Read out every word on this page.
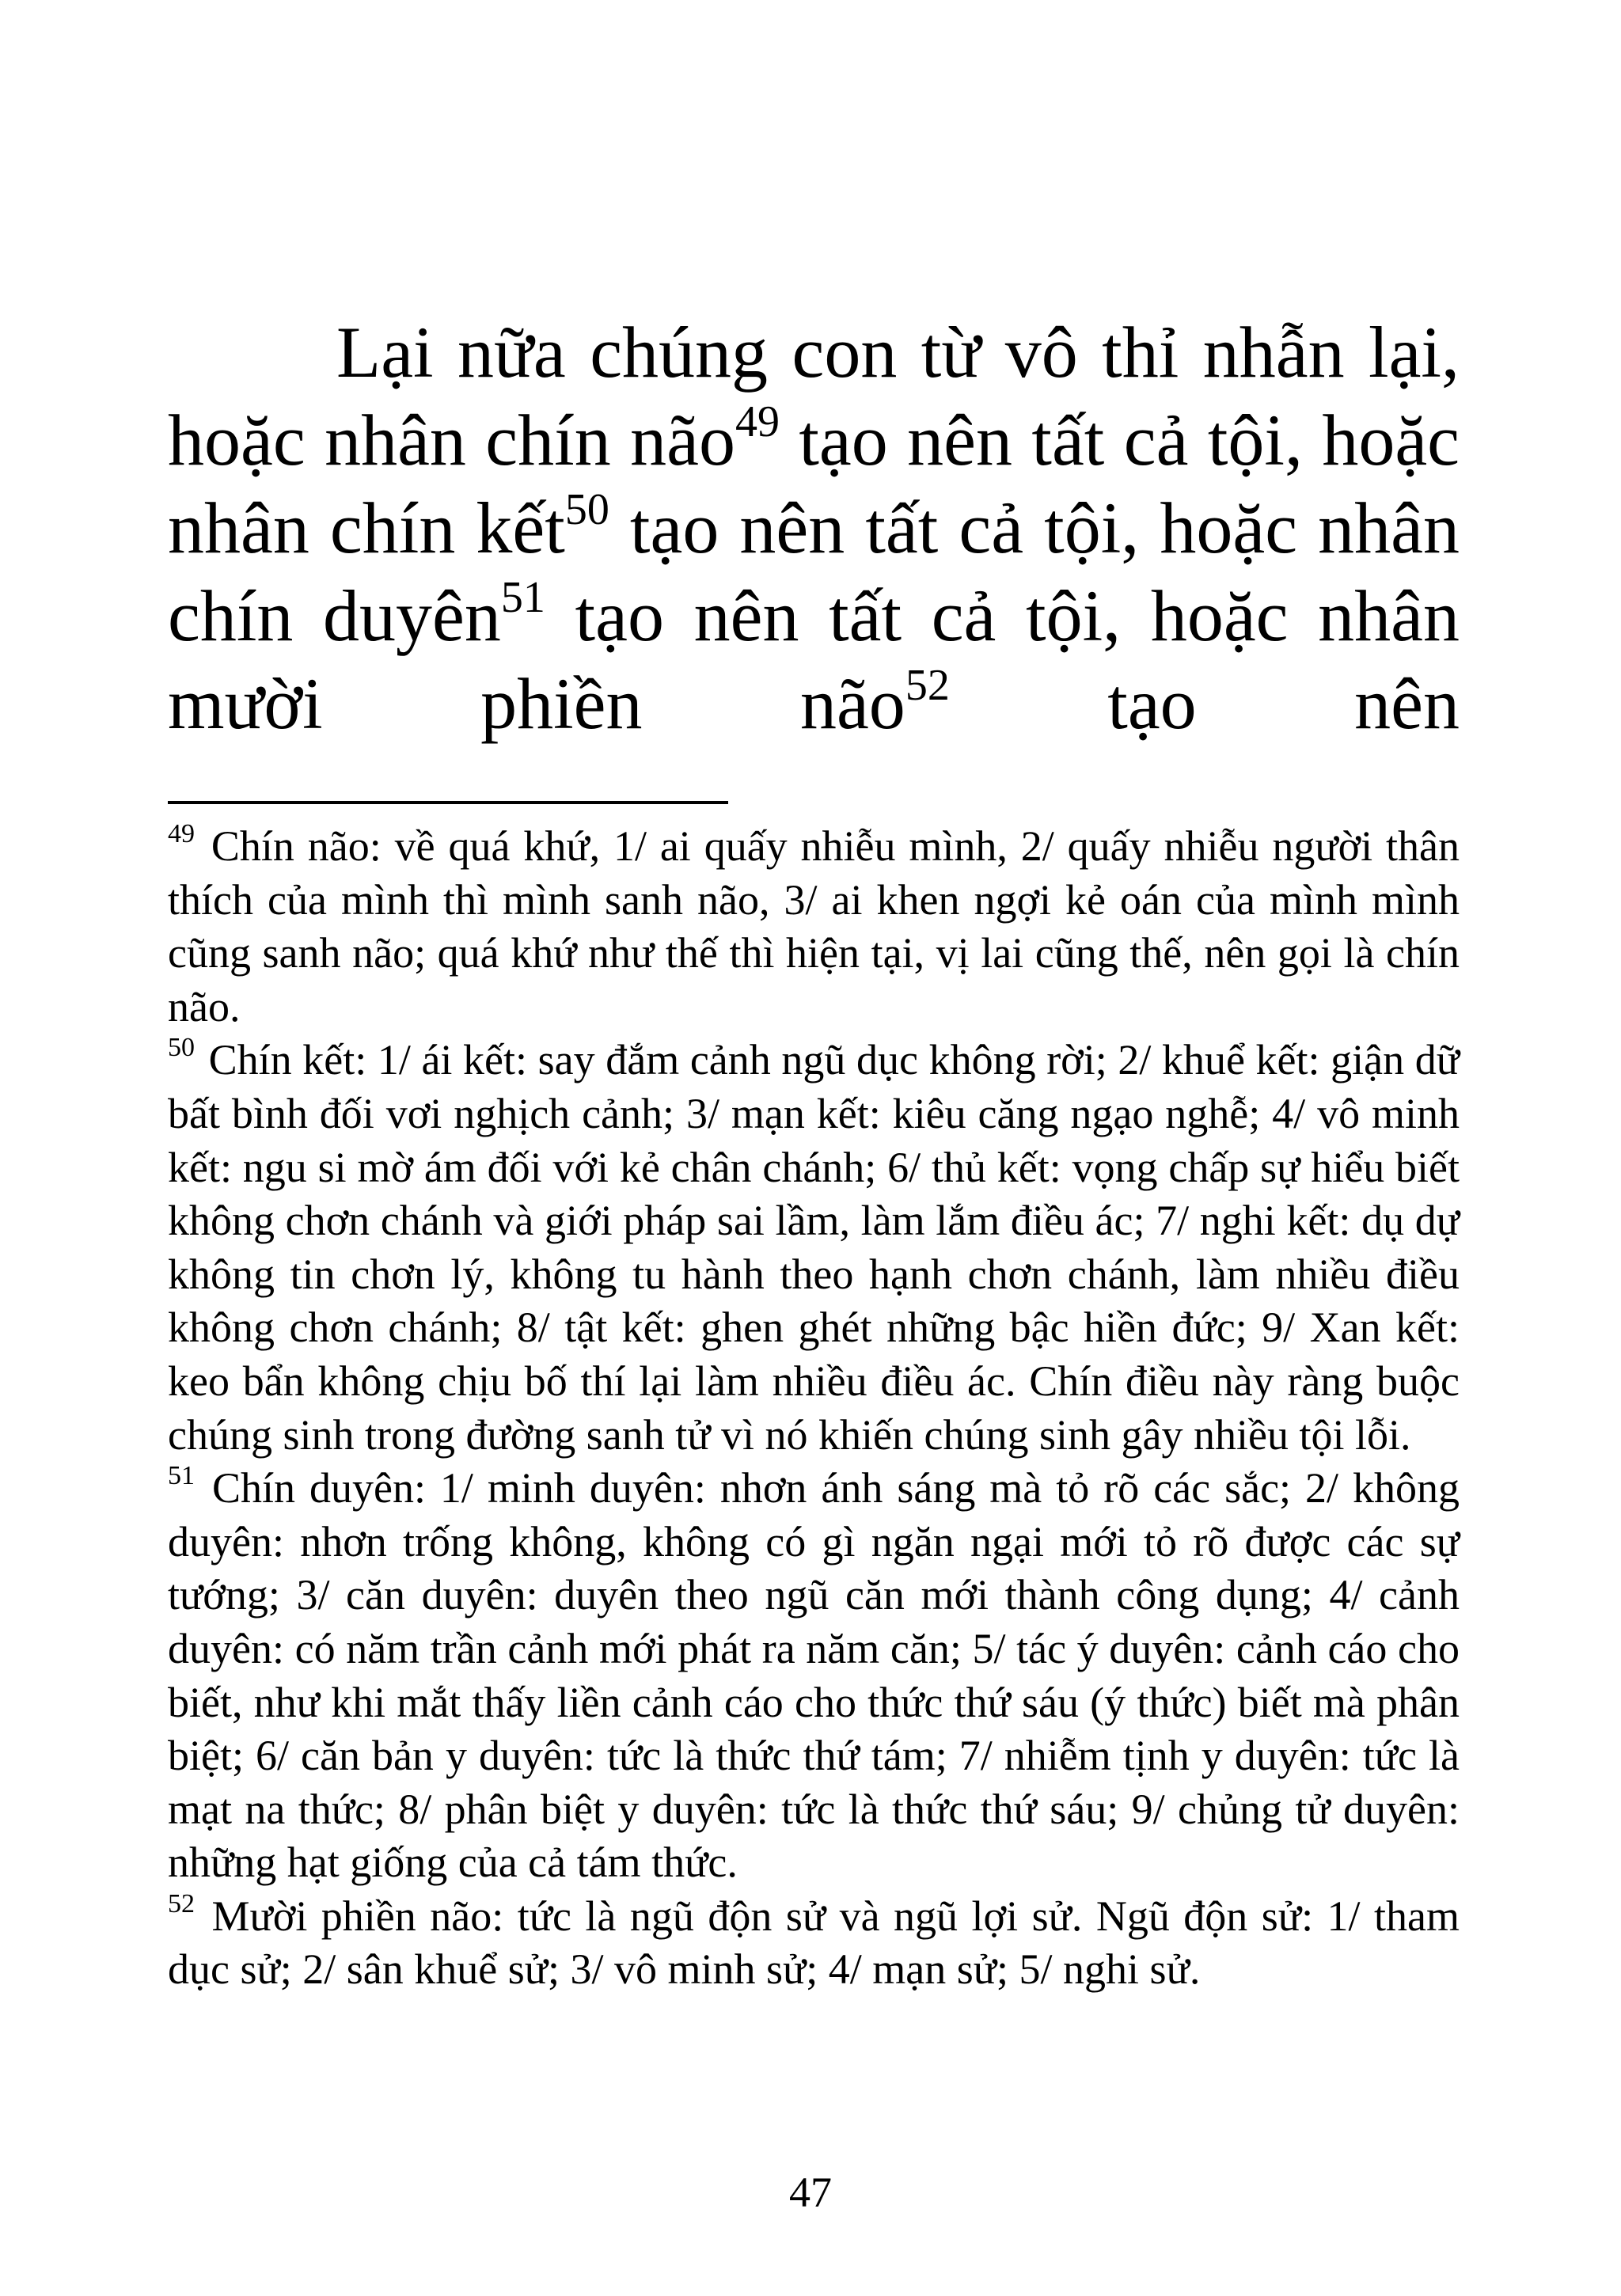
Lại nữa chúng con từ vô thỉ nhẫn lại, hoặc nhân chín não$^{49}$ tạo nên tất cả tội, hoặc nhân chín kết$^{50}$ tạo nên tất cả tội, hoặc nhân chín duyên$^{51}$ tạo nên tất cả tội, hoặc nhân mười phiền não$^{52}$ tạo nên

$^{49}$ Chín não: về quá khứ, 1/ ai quấy nhiễu mình, 2/ quấy nhiễu người thân thích của mình thì mình sanh não, 3/ ai khen ngợi kẻ oán của mình mình cũng sanh não; quá khứ như thế thì hiện tại, vị lai cũng thế, nên gọi là chín não.

$^{50}$ Chín kết: 1/ ái kết: say đắm cảnh ngũ dục không rời; 2/ khuể kết: giận dữ bất bình đối vơi nghịch cảnh; 3/ mạn kết: kiêu căng ngạo nghễ; 4/ vô minh kết: ngu si mờ ám đối với kẻ chân chánh; 6/ thủ kết: vọng chấp sự hiểu biết không chơn chánh và giới pháp sai lầm, làm lắm điều ác; 7/ nghi kết: dụ dự không tin chơn lý, không tu hành theo hạnh chơn chánh, làm nhiều điều không chơn chánh; 8/ tật kết: ghen ghét những bậc hiền đức; 9/ Xan kết: keo bẩn không chịu bố thí lại làm nhiều điều ác. Chín điều này ràng buộc chúng sinh trong đường sanh tử vì nó khiến chúng sinh gây nhiều tội lỗi.

$^{51}$ Chín duyên: 1/ minh duyên: nhơn ánh sáng mà tỏ rõ các sắc; 2/ không duyên: nhơn trống không, không có gì ngăn ngại mới tỏ rõ được các sự tướng; 3/ căn duyên: duyên theo ngũ căn mới thành công dụng; 4/ cảnh duyên: có năm trần cảnh mới phát ra năm căn; 5/ tác ý duyên: cảnh cáo cho biết, như khi mắt thấy liền cảnh cáo cho thức thứ sáu (ý thức) biết mà phân biệt; 6/ căn bản y duyên: tức là thức thứ tám; 7/ nhiễm tịnh y duyên: tức là mạt na thức; 8/ phân biệt y duyên: tức là thức thứ sáu; 9/ chủng tử duyên: những hạt giống của cả tám thức.

$^{52}$ Mười phiền não: tức là ngũ độn sử và ngũ lợi sử. Ngũ độn sử: 1/ tham dục sử; 2/ sân khuể sử; 3/ vô minh sử; 4/ mạn sử; 5/ nghi sử.

47
